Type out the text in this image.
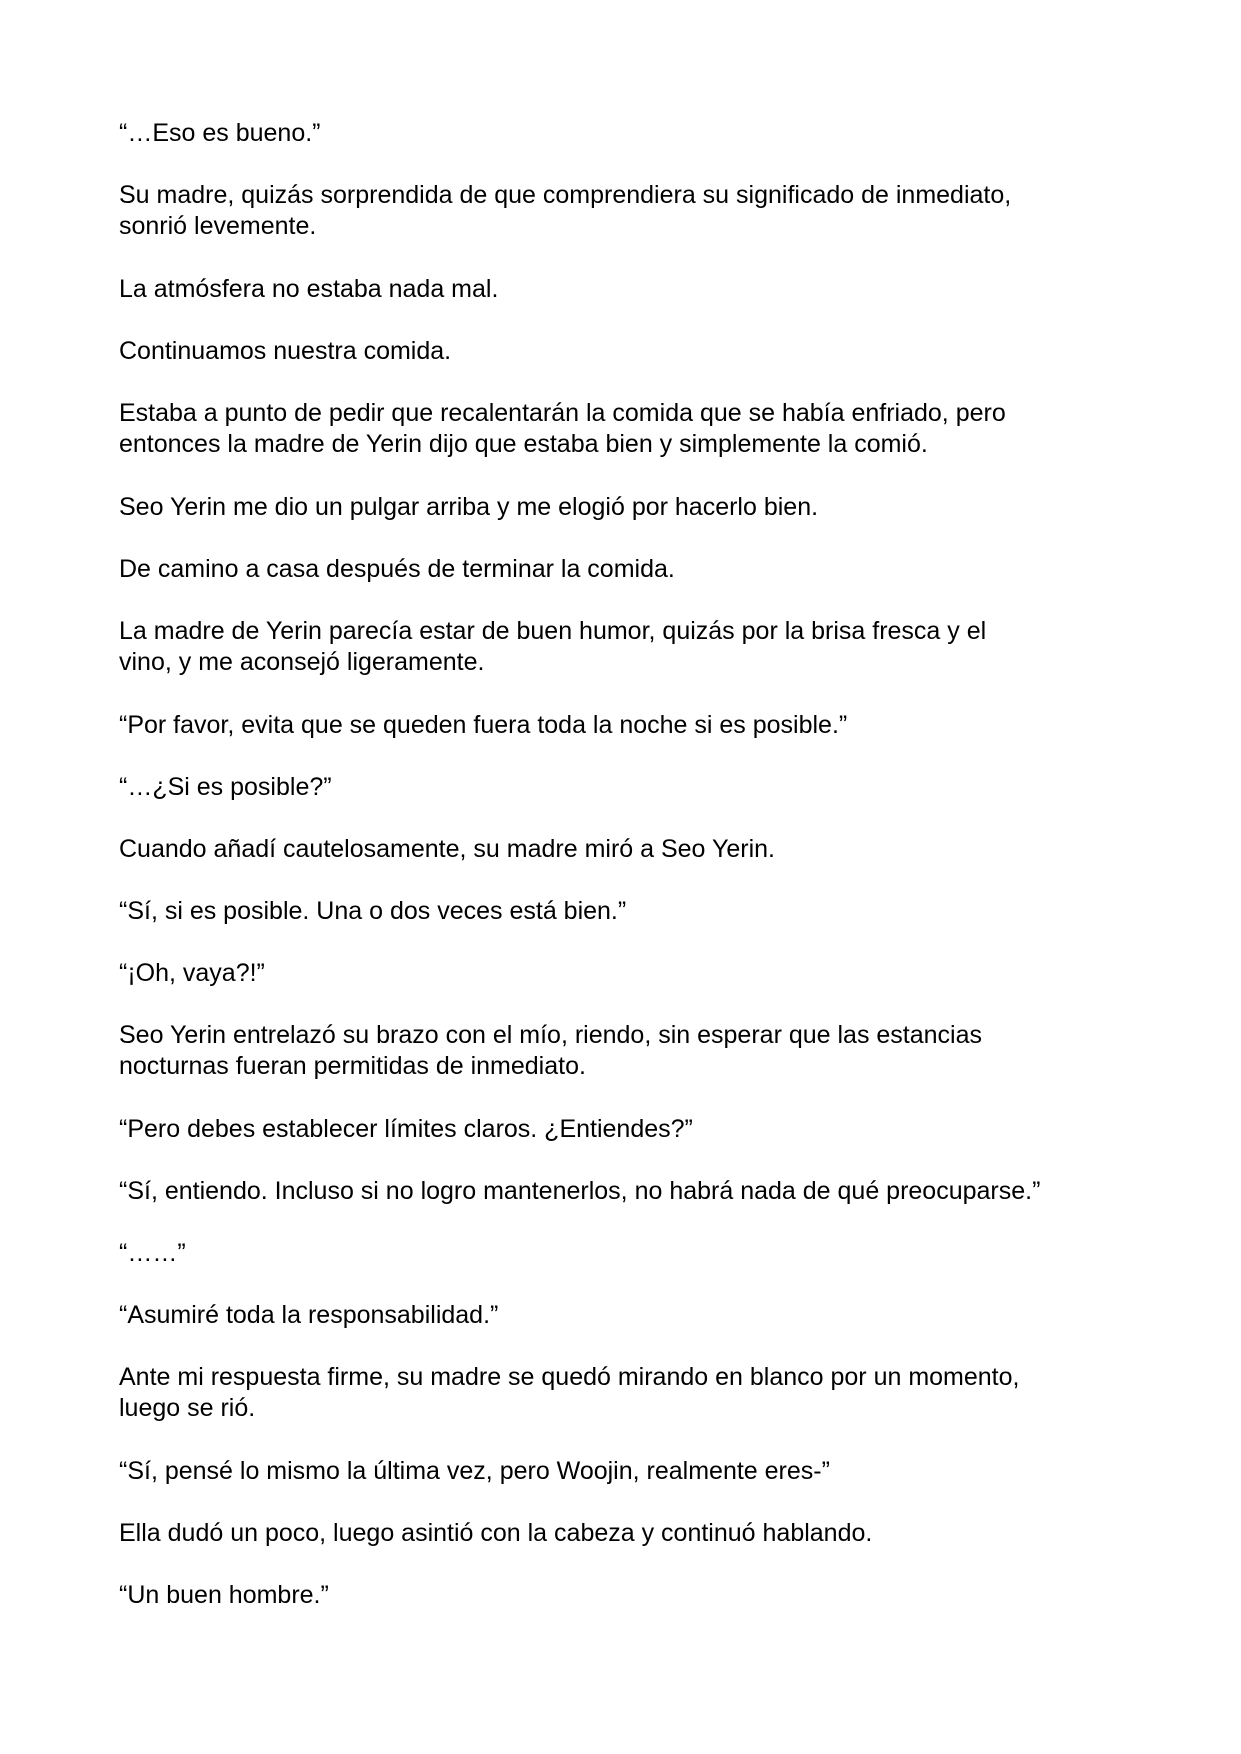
“…Eso es bueno.”

Su madre, quizás sorprendida de que comprendiera su significado de inmediato,
sonrió levemente.

La atmósfera no estaba nada mal.

Continuamos nuestra comida.

Estaba a punto de pedir que recalentarán la comida que se había enfriado, pero
entonces la madre de Yerin dijo que estaba bien y simplemente la comió.

Seo Yerin me dio un pulgar arriba y me elogió por hacerlo bien.

De camino a casa después de terminar la comida.

La madre de Yerin parecía estar de buen humor, quizás por la brisa fresca y el
vino, y me aconsejó ligeramente.

“Por favor, evita que se queden fuera toda la noche si es posible.”

“…¿Si es posible?”

Cuando añadí cautelosamente, su madre miró a Seo Yerin.

“Sí, si es posible. Una o dos veces está bien.”

“¡Oh, vaya?!”

Seo Yerin entrelazó su brazo con el mío, riendo, sin esperar que las estancias
nocturnas fueran permitidas de inmediato.

“Pero debes establecer límites claros. ¿Entiendes?”

“Sí, entiendo. Incluso si no logro mantenerlos, no habrá nada de qué preocuparse.”

“……”

“Asumiré toda la responsabilidad.”

Ante mi respuesta firme, su madre se quedó mirando en blanco por un momento,
luego se rió.

“Sí, pensé lo mismo la última vez, pero Woojin, realmente eres-”

Ella dudó un poco, luego asintió con la cabeza y continuó hablando.

“Un buen hombre.”
